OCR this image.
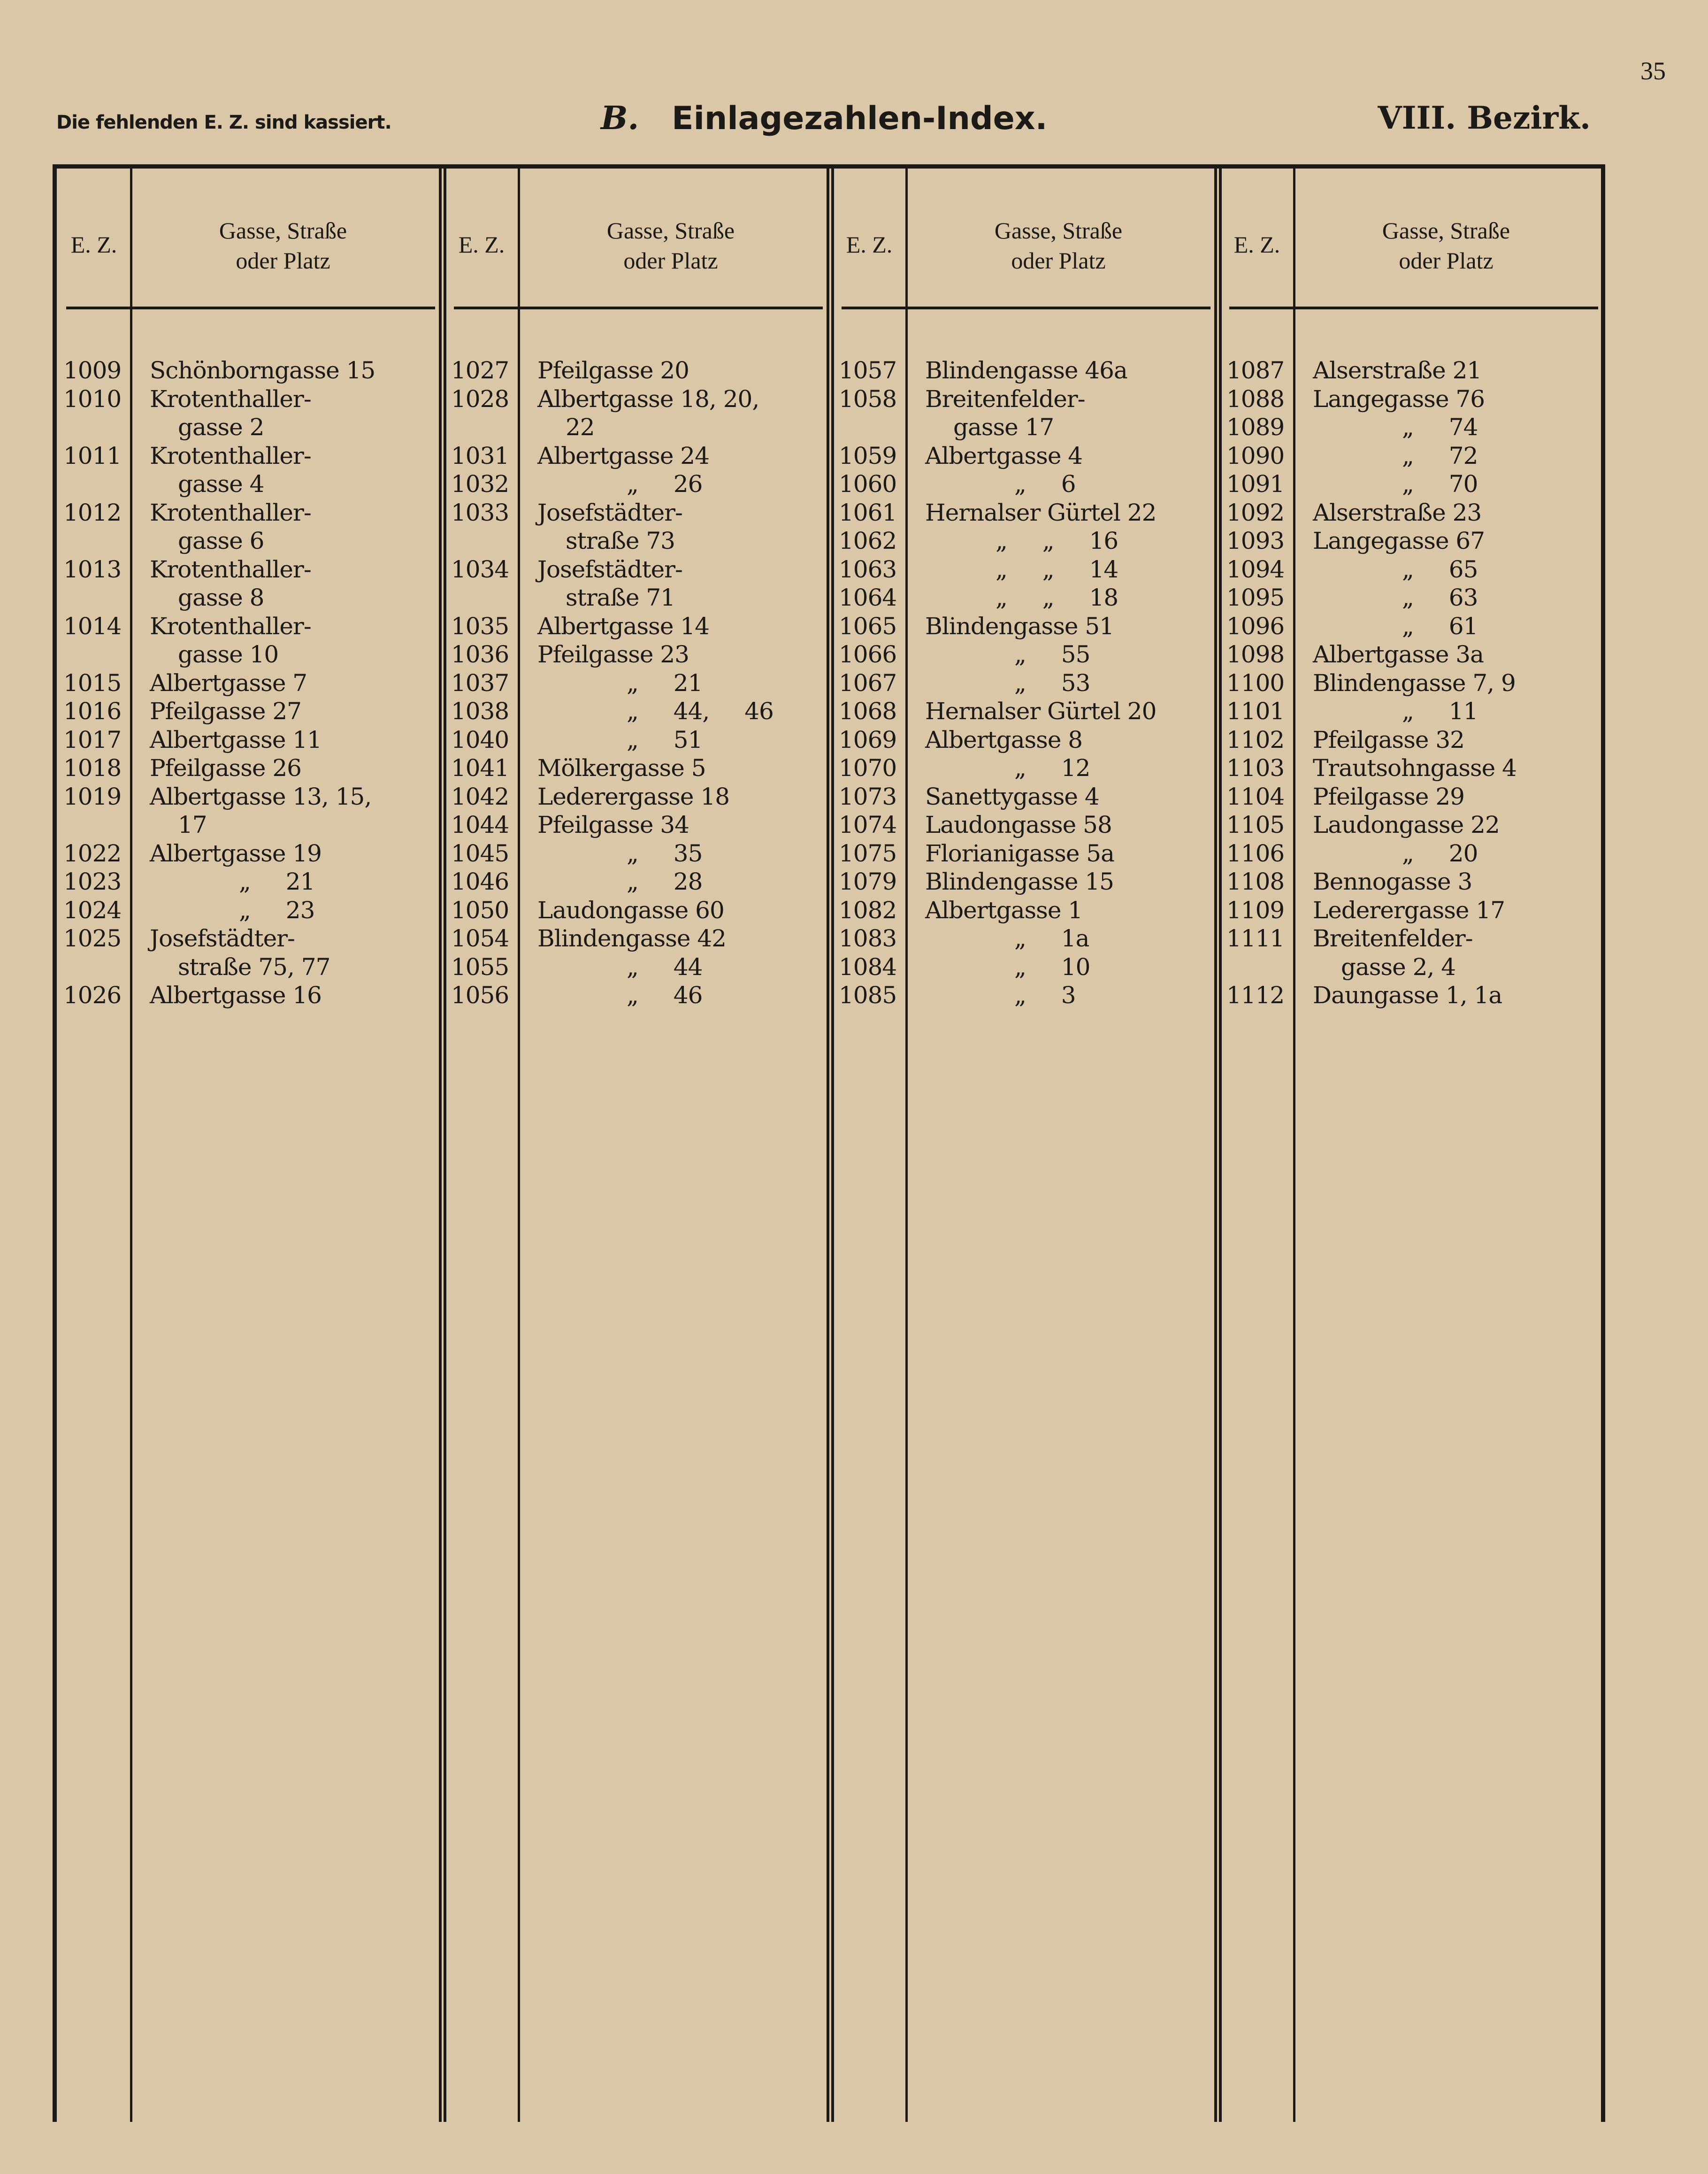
35
Die fehlenden E. Z. sind kassiert.	B. Einlagezahlen-Index.	VIII. Bezirk.
E. Z.
Gasse, Straße
oder Platz
1009 Schönborngasse 15
1010 Krotenthaller-
gasse 2
1011 Krotenthaller-
gasse 4
1012 Krotenthaller-
gasse 6
1013 Krotenthaller-
gasse 8
1014 Krotenthaller-
gasse 10
1015 Albertgasse 7
1016 Pfeilgasse 27
1017 Albertgasse 11
1018 Pfeilgasse 26
1019 Albertgasse 13, 15,
17
1022 Albertgasse 19
1023	„ 21
1024	„ 23
1025 Josefstädter-
straße 75, 77
1026 Albertgasse 16
E. Z.
Gasse, Straße
oder Platz
1027 Pfeilgasse 20
1028 Albertgasse 18, 20,
22
1031 Albertgasse 24
1032	„ 26
1033 Josefstädter-
straße 73
1034 Josefstädter-
straße 71
1035 Albertgasse 14
1036 Pfeilgasse 23
1037	„ 21
1038	„ 44, 46
1040	„ 51
1041 Mölkergasse 5
1042 Lederergasse 18
1044 Pfeilgasse 34
1045	„ 35
1046	„ 28
1050 Laudongasse 60
1054 Blindengasse 42
1055	„ 44
1056	„ 46
E. Z.
Gasse, Straße
oder Platz
1057 Blindengasse 46a
1058 Breitenfelder-
gasse 17
1059 Albertgasse 4
1060	„ 6
1061 Hernalser Gürtel 22
1062	„ „ 16
1063	„ „ 14
1064	„ „ 18
1065 Blindengasse 51
1066	„ 55
1067	„ 53
1068 Hernalser Gürtel 20
1069 Albertgasse 8
1070	„ 12
1073 Sanettygasse 4
1074 Laudongasse 58
1075 Florianigasse 5a
1079 Blindengasse 15
1082 Albertgasse 1
1083	„ 1a
1084	„ 10
1085	„ 3
E. Z.
Gasse, Straße
oder Platz
1087 Alserstraße 21
1088 Langegasse 76
1089	„ 74
1090	„ 72
1091	„ 70
1092 Alserstraße 23
1093 Langegasse 67
1094	„ 65
1095	„ 63
1096	„ 61
1098 Albertgasse 3a
1100 Blindengasse 7, 9
1101	„ 11
1102 Pfeilgasse 32
1103 Trautsohngasse 4
1104 Pfeilgasse 29
1105 Laudongasse 22
1106	„ 20
1108 Bennogasse 3
1109 Lederergasse 17
1111 Breitenfelder-
gasse 2, 4
1112 Daungasse 1, 1a
